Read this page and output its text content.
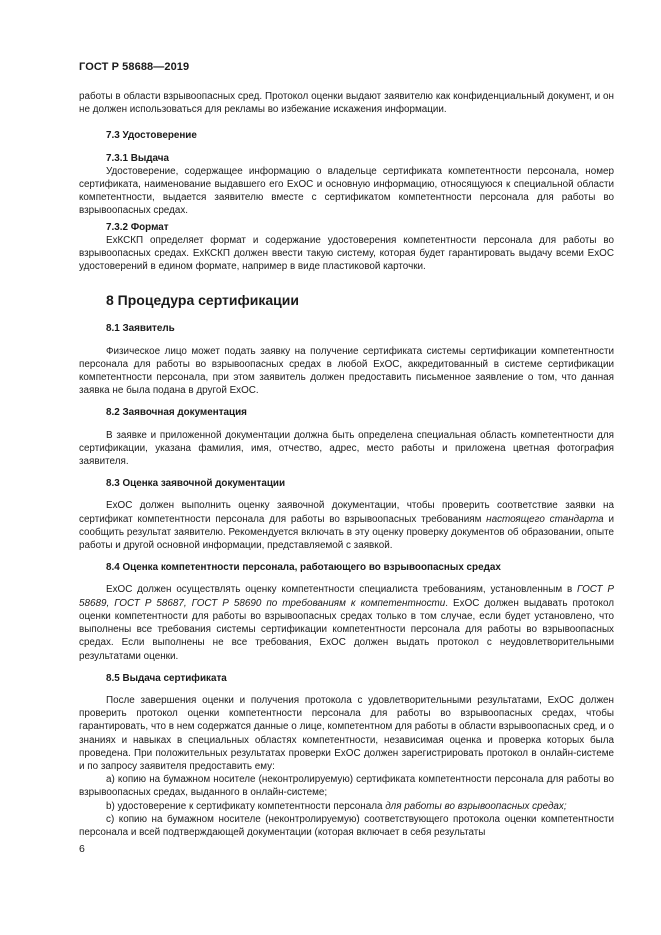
ГОСТ Р 58688—2019

работы в области взрывоопасных сред. Протокол оценки выдают заявителю как конфиденциальный документ, и он не должен использоваться для рекламы во избежание искажения информации.

7.3 Удостоверение

7.3.1 Выдача

Удостоверение, содержащее информацию о владельце сертификата компетентности персонала, номер сертификата, наименование выдавшего его ExOC и основную информацию, относящуюся к специальной области компетентности, выдается заявителю вместе с сертификатом компетентности персонала для работы во взрывоопасных средах.

7.3.2 Формат

ExКСКП определяет формат и содержание удостоверения компетентности персонала для работы во взрывоопасных средах. ExКСКП должен ввести такую систему, которая будет гарантировать выдачу всеми ExOC удостоверений в едином формате, например в виде пластиковой карточки.

8 Процедура сертификации

8.1 Заявитель

Физическое лицо может подать заявку на получение сертификата системы сертификации компетентности персонала для работы во взрывоопасных средах в любой ExOC, аккредитованный в системе сертификации компетентности персонала, при этом заявитель должен предоставить письменное заявление о том, что данная заявка не была подана в другой ExOC.

8.2 Заявочная документация

В заявке и приложенной документации должна быть определена специальная область компетентности для сертификации, указана фамилия, имя, отчество, адрес, место работы и приложена цветная фотография заявителя.

8.3 Оценка заявочной документации

ExOC должен выполнить оценку заявочной документации, чтобы проверить соответствие заявки на сертификат компетентности персонала для работы во взрывоопасных требованиям настоящего стандарта и сообщить результат заявителю. Рекомендуется включать в эту оценку проверку документов об образовании, опыте работы и другой основной информации, представляемой с заявкой.

8.4 Оценка компетентности персонала, работающего во взрывоопасных средах

ExOC должен осуществлять оценку компетентности специалиста требованиям, установленным в ГОСТ Р 58689, ГОСТ Р 58687, ГОСТ Р 58690 по требованиям к компетентности. ExOC должен выдавать протокол оценки компетентности для работы во взрывоопасных средах только в том случае, если будет установлено, что выполнены все требования системы сертификации компетентности персонала для работы во взрывоопасных средах. Если выполнены не все требования, ExOC должен выдать протокол с неудовлетворительными результатами оценки.

8.5 Выдача сертификата

После завершения оценки и получения протокола с удовлетворительными результатами, ExOC должен проверить протокол оценки компетентности персонала для работы во взрывоопасных средах, чтобы гарантировать, что в нем содержатся данные о лице, компетентном для работы в области взрывоопасных сред, и о знаниях и навыках в специальных областях компетентности, независимая оценка и проверка которых была проведена. При положительных результатах проверки ExOC должен зарегистрировать протокол в онлайн-системе и по запросу заявителя предоставить ему:

а) копию на бумажном носителе (неконтролируемую) сертификата компетентности персонала для работы во взрывоопасных средах, выданного в онлайн-системе;

b) удостоверение к сертификату компетентности персонала для работы во взрывоопасных средах;

с) копию на бумажном носителе (неконтролируемую) соответствующего протокола оценки компетентности персонала и всей подтверждающей документации (которая включает в себя результаты

6
